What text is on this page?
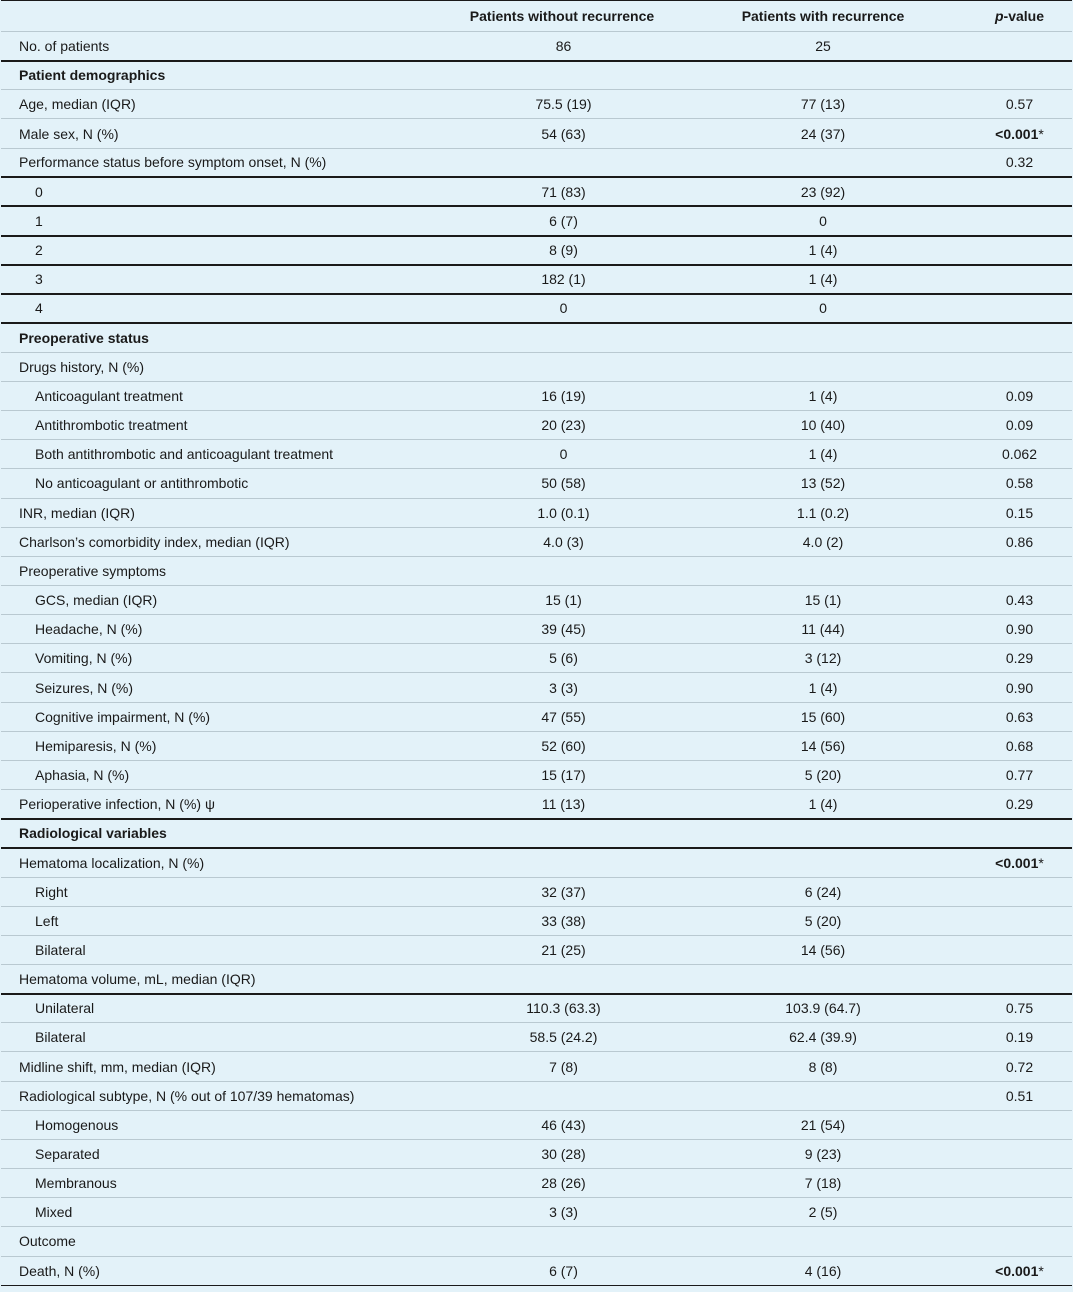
	Patients without recurrence	Patients with recurrence	p-value
No. of patients	86	25	
Patient demographics			
Age, median (IQR)	75.5 (19)	77 (13)	0.57
Male sex, N (%)	54 (63)	24 (37)	<0.001*
Performance status before symptom onset, N (%)			0.32
0	71 (83)	23 (92)	
1	6 (7)	0	
2	8 (9)	1 (4)	
3	182 (1)	1 (4)	
4	0	0	
Preoperative status			
Drugs history, N (%)			
Anticoagulant treatment	16 (19)	1 (4)	0.09
Antithrombotic treatment	20 (23)	10 (40)	0.09
Both antithrombotic and anticoagulant treatment	0	1 (4)	0.062
No anticoagulant or antithrombotic	50 (58)	13 (52)	0.58
INR, median (IQR)	1.0 (0.1)	1.1 (0.2)	0.15
Charlson’s comorbidity index, median (IQR)	4.0 (3)	4.0 (2)	0.86
Preoperative symptoms			
GCS, median (IQR)	15 (1)	15 (1)	0.43
Headache, N (%)	39 (45)	11 (44)	0.90
Vomiting, N (%)	5 (6)	3 (12)	0.29
Seizures, N (%)	3 (3)	1 (4)	0.90
Cognitive impairment, N (%)	47 (55)	15 (60)	0.63
Hemiparesis, N (%)	52 (60)	14 (56)	0.68
Aphasia, N (%)	15 (17)	5 (20)	0.77
Perioperative infection, N (%) ψ	11 (13)	1 (4)	0.29
Radiological variables			
Hematoma localization, N (%)			<0.001*
Right	32 (37)	6 (24)	
Left	33 (38)	5 (20)	
Bilateral	21 (25)	14 (56)	
Hematoma volume, mL, median (IQR)			
Unilateral	110.3 (63.3)	103.9 (64.7)	0.75
Bilateral	58.5 (24.2)	62.4 (39.9)	0.19
Midline shift, mm, median (IQR)	7 (8)	8 (8)	0.72
Radiological subtype, N (% out of 107/39 hematomas)			0.51
Homogenous	46 (43)	21 (54)	
Separated	30 (28)	9 (23)	
Membranous	28 (26)	7 (18)	
Mixed	3 (3)	2 (5)	
Outcome			
Death, N (%)	6 (7)	4 (16)	<0.001*
